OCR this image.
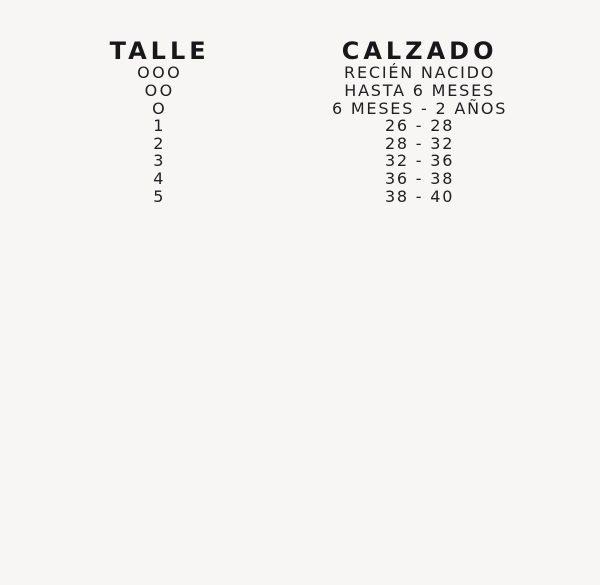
TALLE	CALZADO
OOO	RECIÉN NACIDO
OO	HASTA 6 MESES
O	6 MESES - 2 AÑOS
1	26 - 28
2	28 - 32
3	32 - 36
4	36 - 38
5	38 - 40
